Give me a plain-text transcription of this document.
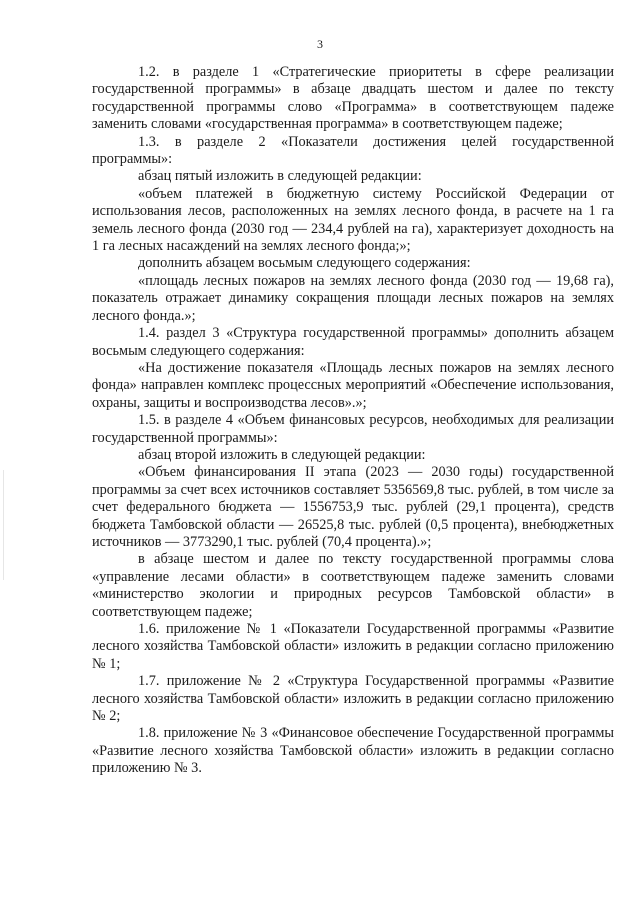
3

1.2. в разделе 1 «Стратегические приоритеты в сфере реализации государственной программы» в абзаце двадцать шестом и далее по тексту государственной программы слово «Программа» в соответствующем падеже заменить словами «государственная программа» в соответствующем падеже;

1.3. в разделе 2 «Показатели достижения целей государственной программы»:

абзац пятый изложить в следующей редакции:

«объем платежей в бюджетную систему Российской Федерации от использования лесов, расположенных на землях лесного фонда, в расчете на 1 га земель лесного фонда (2030 год — 234,4 рублей на га), характеризует доходность на 1 га лесных насаждений на землях лесного фонда;»;

дополнить абзацем восьмым следующего содержания:

«площадь лесных пожаров на землях лесного фонда (2030 год — 19,68 га), показатель отражает динамику сокращения площади лесных пожаров на землях лесного фонда.»;

1.4. раздел 3 «Структура государственной программы» дополнить абзацем восьмым следующего содержания:

«На достижение показателя «Площадь лесных пожаров на землях лесного фонда» направлен комплекс процессных мероприятий «Обеспечение использования, охраны, защиты и воспроизводства лесов».»;

1.5. в разделе 4 «Объем финансовых ресурсов, необходимых для реализации государственной программы»:

абзац второй изложить в следующей редакции:

«Объем финансирования II этапа (2023 — 2030 годы) государственной программы за счет всех источников составляет 5356569,8 тыс. рублей, в том числе за счет федерального бюджета — 1556753,9 тыс. рублей (29,1 процента), средств бюджета Тамбовской области — 26525,8 тыс. рублей (0,5 процента), внебюджетных источников — 3773290,1 тыс. рублей (70,4 процента).»;

в абзаце шестом и далее по тексту государственной программы слова «управление лесами области» в соответствующем падеже заменить словами «министерство экологии и природных ресурсов Тамбовской области» в соответствующем падеже;

1.6. приложение № 1 «Показатели Государственной программы «Развитие лесного хозяйства Тамбовской области» изложить в редакции согласно приложению № 1;

1.7. приложение № 2 «Структура Государственной программы «Развитие лесного хозяйства Тамбовской области» изложить в редакции согласно приложению № 2;

1.8. приложение № 3 «Финансовое обеспечение Государственной программы «Развитие лесного хозяйства Тамбовской области» изложить в редакции согласно приложению № 3.
